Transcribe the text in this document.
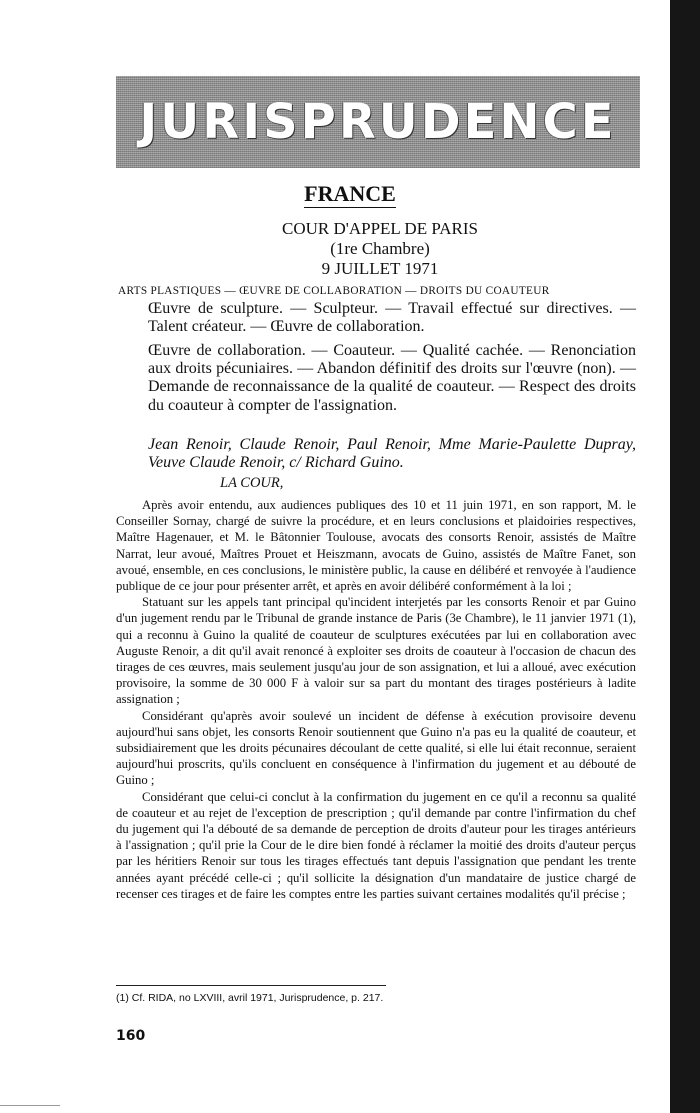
JURISPRUDENCE
FRANCE
COUR D'APPEL DE PARIS
(1re Chambre)
9 JUILLET 1971
ARTS PLASTIQUES — ŒUVRE DE COLLABORATION — DROITS DU COAUTEUR
Œuvre de sculpture. — Sculpteur. — Travail effectué sur directives. — Talent créateur. — Œuvre de collaboration.
Œuvre de collaboration. — Coauteur. — Qualité cachée. — Renonciation aux droits pécuniaires. — Abandon définitif des droits sur l'œuvre (non). — Demande de reconnaissance de la qualité de coauteur. — Respect des droits du coauteur à compter de l'assignation.
Jean Renoir, Claude Renoir, Paul Renoir, Mme Marie-Paulette Dupray, Veuve Claude Renoir, c/ Richard Guino.
LA COUR,

Après avoir entendu, aux audiences publiques des 10 et 11 juin 1971, en son rapport, M. le Conseiller Sornay, chargé de suivre la procédure, et en leurs conclusions et plaidoiries respectives, Maître Hagenauer, et M. le Bâtonnier Toulouse, avocats des consorts Renoir, assistés de Maître Narrat, leur avoué, Maîtres Prouet et Heiszmann, avocats de Guino, assistés de Maître Fanet, son avoué, ensemble, en ces conclusions, le ministère public, la cause en délibéré et renvoyée à l'audience publique de ce jour pour présenter arrêt, et après en avoir délibéré conformément à la loi ;

Statuant sur les appels tant principal qu'incident interjetés par les consorts Renoir et par Guino d'un jugement rendu par le Tribunal de grande instance de Paris (3e Chambre), le 11 janvier 1971 (1), qui a reconnu à Guino la qualité de coauteur de sculptures exécutées par lui en collaboration avec Auguste Renoir, a dit qu'il avait renoncé à exploiter ses droits de coauteur à l'occasion de chacun des tirages de ces œuvres, mais seulement jusqu'au jour de son assignation, et lui a alloué, avec exécution provisoire, la somme de 30 000 F à valoir sur sa part du montant des tirages postérieurs à ladite assignation ;

Considérant qu'après avoir soulevé un incident de défense à exécution provisoire devenu aujourd'hui sans objet, les consorts Renoir soutiennent que Guino n'a pas eu la qualité de coauteur, et subsidiairement que les droits pécunaires découlant de cette qualité, si elle lui était reconnue, seraient aujourd'hui proscrits, qu'ils concluent en conséquence à l'infirmation du jugement et au débouté de Guino ;

Considérant que celui-ci conclut à la confirmation du jugement en ce qu'il a reconnu sa qualité de coauteur et au rejet de l'exception de prescription ; qu'il demande par contre l'infirmation du chef du jugement qui l'a débouté de sa demande de perception de droits d'auteur pour les tirages antérieurs à l'assignation ; qu'il prie la Cour de le dire bien fondé à réclamer la moitié des droits d'auteur perçus par les héritiers Renoir sur tous les tirages effectués tant depuis l'assignation que pendant les trente années ayant précédé celle-ci ; qu'il sollicite la désignation d'un mandataire de justice chargé de recenser ces tirages et de faire les comptes entre les parties suivant certaines modalités qu'il précise ;

(1) Cf. RIDA, no LXVIII, avril 1971, Jurisprudence, p. 217.
160
